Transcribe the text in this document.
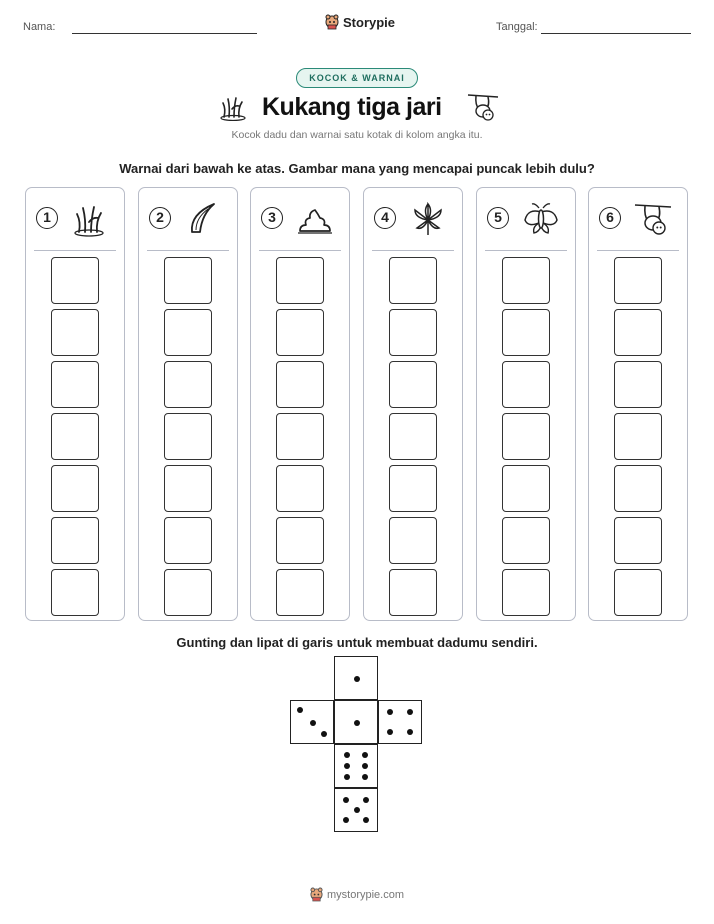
Nama:	Storypie	Tanggal:
KOCOK & WARNAI
Kukang tiga jari
Kocok dadu dan warnai satu kotak di kolom angka itu.
Warnai dari bawah ke atas. Gambar mana yang mencapai puncak lebih dulu?
1	2	3	4	5	6
Gunting dan lipat di garis untuk membuat dadumu sendiri.
mystorypie.com
